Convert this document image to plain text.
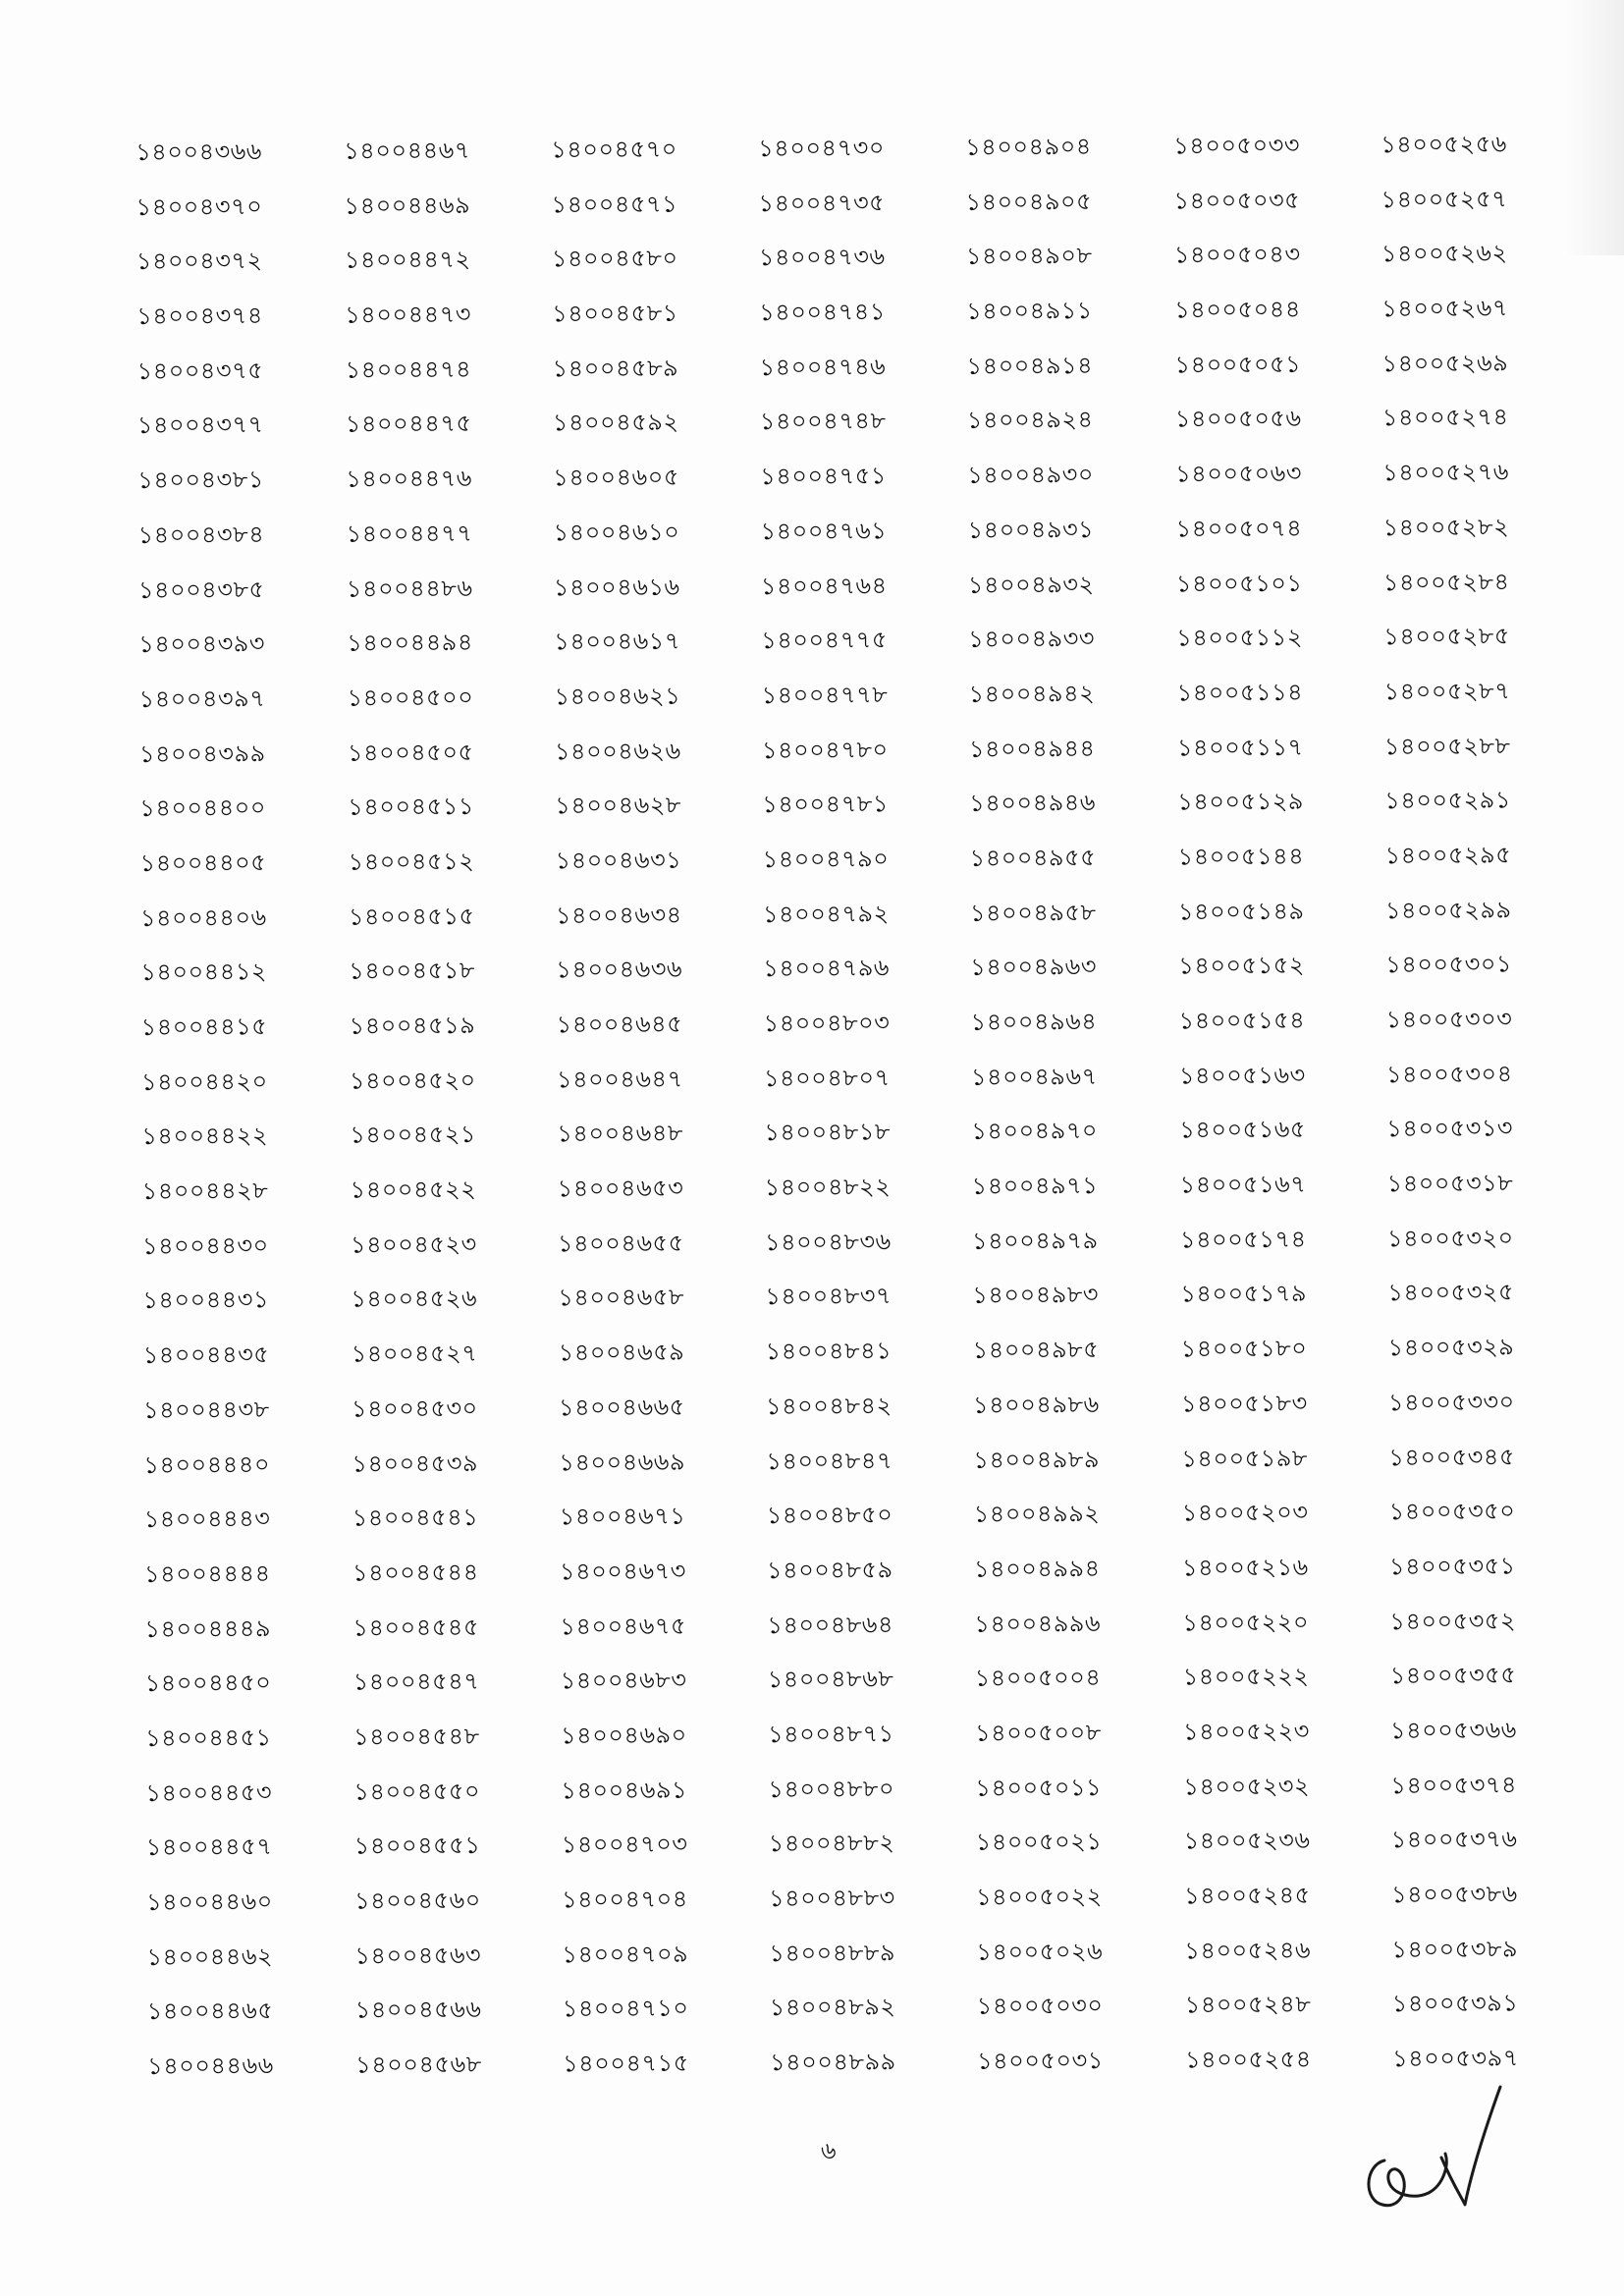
১৪০০৪৩৬৬
১৪০০৪৩৭০
১৪০০৪৩৭২
১৪০০৪৩৭৪
১৪০০৪৩৭৫
১৪০০৪৩৭৭
১৪০০৪৩৮১
১৪০০৪৩৮৪
১৪০০৪৩৮৫
১৪০০৪৩৯৩
১৪০০৪৩৯৭
১৪০০৪৩৯৯
১৪০০৪৪০০
১৪০০৪৪০৫
১৪০০৪৪০৬
১৪০০৪৪১২
১৪০০৪৪১৫
১৪০০৪৪২০
১৪০০৪৪২২
১৪০০৪৪২৮
১৪০০৪৪৩০
১৪০০৪৪৩১
১৪০০৪৪৩৫
১৪০০৪৪৩৮
১৪০০৪৪৪০
১৪০০৪৪৪৩
১৪০০৪৪৪৪
১৪০০৪৪৪৯
১৪০০৪৪৫০
১৪০০৪৪৫১
১৪০০৪৪৫৩
১৪০০৪৪৫৭
১৪০০৪৪৬০
১৪০০৪৪৬২
১৪০০৪৪৬৫
১৪০০৪৪৬৬
১৪০০৪৪৬৭
১৪০০৪৪৬৯
১৪০০৪৪৭২
১৪০০৪৪৭৩
১৪০০৪৪৭৪
১৪০০৪৪৭৫
১৪০০৪৪৭৬
১৪০০৪৪৭৭
১৪০০৪৪৮৬
১৪০০৪৪৯৪
১৪০০৪৫০০
১৪০০৪৫০৫
১৪০০৪৫১১
১৪০০৪৫১২
১৪০০৪৫১৫
১৪০০৪৫১৮
১৪০০৪৫১৯
১৪০০৪৫২০
১৪০০৪৫২১
১৪০০৪৫২২
১৪০০৪৫২৩
১৪০০৪৫২৬
১৪০০৪৫২৭
১৪০০৪৫৩০
১৪০০৪৫৩৯
১৪০০৪৫৪১
১৪০০৪৫৪৪
১৪০০৪৫৪৫
১৪০০৪৫৪৭
১৪০০৪৫৪৮
১৪০০৪৫৫০
১৪০০৪৫৫১
১৪০০৪৫৬০
১৪০০৪৫৬৩
১৪০০৪৫৬৬
১৪০০৪৫৬৮
১৪০০৪৫৭০
১৪০০৪৫৭১
১৪০০৪৫৮০
১৪০০৪৫৮১
১৪০০৪৫৮৯
১৪০০৪৫৯২
১৪০০৪৬০৫
১৪০০৪৬১০
১৪০০৪৬১৬
১৪০০৪৬১৭
১৪০০৪৬২১
১৪০০৪৬২৬
১৪০০৪৬২৮
১৪০০৪৬৩১
১৪০০৪৬৩৪
১৪০০৪৬৩৬
১৪০০৪৬৪৫
১৪০০৪৬৪৭
১৪০০৪৬৪৮
১৪০০৪৬৫৩
১৪০০৪৬৫৫
১৪০০৪৬৫৮
১৪০০৪৬৫৯
১৪০০৪৬৬৫
১৪০০৪৬৬৯
১৪০০৪৬৭১
১৪০০৪৬৭৩
১৪০০৪৬৭৫
১৪০০৪৬৮৩
১৪০০৪৬৯০
১৪০০৪৬৯১
১৪০০৪৭০৩
১৪০০৪৭০৪
১৪০০৪৭০৯
১৪০০৪৭১০
১৪০০৪৭১৫
১৪০০৪৭৩০
১৪০০৪৭৩৫
১৪০০৪৭৩৬
১৪০০৪৭৪১
১৪০০৪৭৪৬
১৪০০৪৭৪৮
১৪০০৪৭৫১
১৪০০৪৭৬১
১৪০০৪৭৬৪
১৪০০৪৭৭৫
১৪০০৪৭৭৮
১৪০০৪৭৮০
১৪০০৪৭৮১
১৪০০৪৭৯০
১৪০০৪৭৯২
১৪০০৪৭৯৬
১৪০০৪৮০৩
১৪০০৪৮০৭
১৪০০৪৮১৮
১৪০০৪৮২২
১৪০০৪৮৩৬
১৪০০৪৮৩৭
১৪০০৪৮৪১
১৪০০৪৮৪২
১৪০০৪৮৪৭
১৪০০৪৮৫০
১৪০০৪৮৫৯
১৪০০৪৮৬৪
১৪০০৪৮৬৮
১৪০০৪৮৭১
১৪০০৪৮৮০
১৪০০৪৮৮২
১৪০০৪৮৮৩
১৪০০৪৮৮৯
১৪০০৪৮৯২
১৪০০৪৮৯৯
১৪০০৪৯০৪
১৪০০৪৯০৫
১৪০০৪৯০৮
১৪০০৪৯১১
১৪০০৪৯১৪
১৪০০৪৯২৪
১৪০০৪৯৩০
১৪০০৪৯৩১
১৪০০৪৯৩২
১৪০০৪৯৩৩
১৪০০৪৯৪২
১৪০০৪৯৪৪
১৪০০৪৯৪৬
১৪০০৪৯৫৫
১৪০০৪৯৫৮
১৪০০৪৯৬৩
১৪০০৪৯৬৪
১৪০০৪৯৬৭
১৪০০৪৯৭০
১৪০০৪৯৭১
১৪০০৪৯৭৯
১৪০০৪৯৮৩
১৪০০৪৯৮৫
১৪০০৪৯৮৬
১৪০০৪৯৮৯
১৪০০৪৯৯২
১৪০০৪৯৯৪
১৪০০৪৯৯৬
১৪০০৫০০৪
১৪০০৫০০৮
১৪০০৫০১১
১৪০০৫০২১
১৪০০৫০২২
১৪০০৫০২৬
১৪০০৫০৩০
১৪০০৫০৩১
১৪০০৫০৩৩
১৪০০৫০৩৫
১৪০০৫০৪৩
১৪০০৫০৪৪
১৪০০৫০৫১
১৪০০৫০৫৬
১৪০০৫০৬৩
১৪০০৫০৭৪
১৪০০৫১০১
১৪০০৫১১২
১৪০০৫১১৪
১৪০০৫১১৭
১৪০০৫১২৯
১৪০০৫১৪৪
১৪০০৫১৪৯
১৪০০৫১৫২
১৪০০৫১৫৪
১৪০০৫১৬৩
১৪০০৫১৬৫
১৪০০৫১৬৭
১৪০০৫১৭৪
১৪০০৫১৭৯
১৪০০৫১৮০
১৪০০৫১৮৩
১৪০০৫১৯৮
১৪০০৫২০৩
১৪০০৫২১৬
১৪০০৫২২০
১৪০০৫২২২
১৪০০৫২২৩
১৪০০৫২৩২
১৪০০৫২৩৬
১৪০০৫২৪৫
১৪০০৫২৪৬
১৪০০৫২৪৮
১৪০০৫২৫৪
১৪০০৫২৫৬
১৪০০৫২৫৭
১৪০০৫২৬২
১৪০০৫২৬৭
১৪০০৫২৬৯
১৪০০৫২৭৪
১৪০০৫২৭৬
১৪০০৫২৮২
১৪০০৫২৮৪
১৪০০৫২৮৫
১৪০০৫২৮৭
১৪০০৫২৮৮
১৪০০৫২৯১
১৪০০৫২৯৫
১৪০০৫২৯৯
১৪০০৫৩০১
১৪০০৫৩০৩
১৪০০৫৩০৪
১৪০০৫৩১৩
১৪০০৫৩১৮
১৪০০৫৩২০
১৪০০৫৩২৫
১৪০০৫৩২৯
১৪০০৫৩৩০
১৪০০৫৩৪৫
১৪০০৫৩৫০
১৪০০৫৩৫১
১৪০০৫৩৫২
১৪০০৫৩৫৫
১৪০০৫৩৬৬
১৪০০৫৩৭৪
১৪০০৫৩৭৬
১৪০০৫৩৮৬
১৪০০৫৩৮৯
১৪০০৫৩৯১
১৪০০৫৩৯৭
৬
